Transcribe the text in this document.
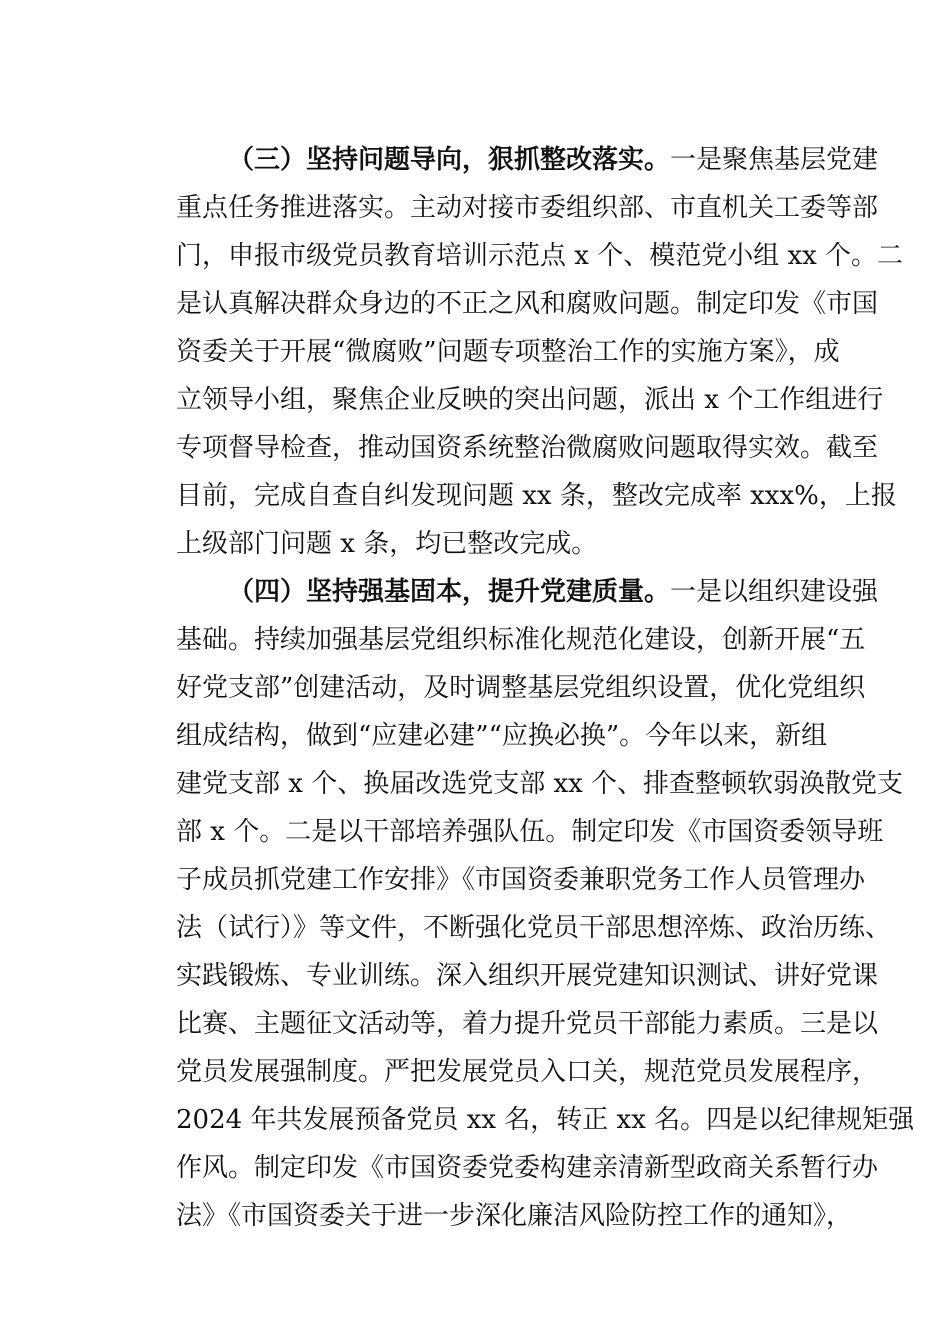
（三）坚持问题导向，狠抓整改落实。一是聚焦基层党建
重点任务推进落实。主动对接市委组织部、市直机关工委等部
门，申报市级党员教育培训示范点 x 个、模范党小组 xx 个。二
是认真解决群众身边的不正之风和腐败问题。制定印发《市国
资委关于开展“微腐败”问题专项整治工作的实施方案》，成
立领导小组，聚焦企业反映的突出问题，派出 x 个工作组进行
专项督导检查，推动国资系统整治微腐败问题取得实效。截至
目前，完成自查自纠发现问题 xx 条，整改完成率 xxx%，上报
上级部门问题 x 条，均已整改完成。
（四）坚持强基固本，提升党建质量。一是以组织建设强
基础。持续加强基层党组织标准化规范化建设，创新开展“五
好党支部”创建活动，及时调整基层党组织设置，优化党组织
组成结构，做到“应建必建”“应换必换”。今年以来，新组
建党支部 x 个、换届改选党支部 xx 个、排查整顿软弱涣散党支
部 x 个。二是以干部培养强队伍。制定印发《市国资委领导班
子成员抓党建工作安排》《市国资委兼职党务工作人员管理办
法（试行）》等文件，不断强化党员干部思想淬炼、政治历练、
实践锻炼、专业训练。深入组织开展党建知识测试、讲好党课
比赛、主题征文活动等，着力提升党员干部能力素质。三是以
党员发展强制度。严把发展党员入口关，规范党员发展程序，
2024 年共发展预备党员 xx 名，转正 xx 名。四是以纪律规矩强
作风。制定印发《市国资委党委构建亲清新型政商关系暂行办
法》《市国资委关于进一步深化廉洁风险防控工作的通知》，
